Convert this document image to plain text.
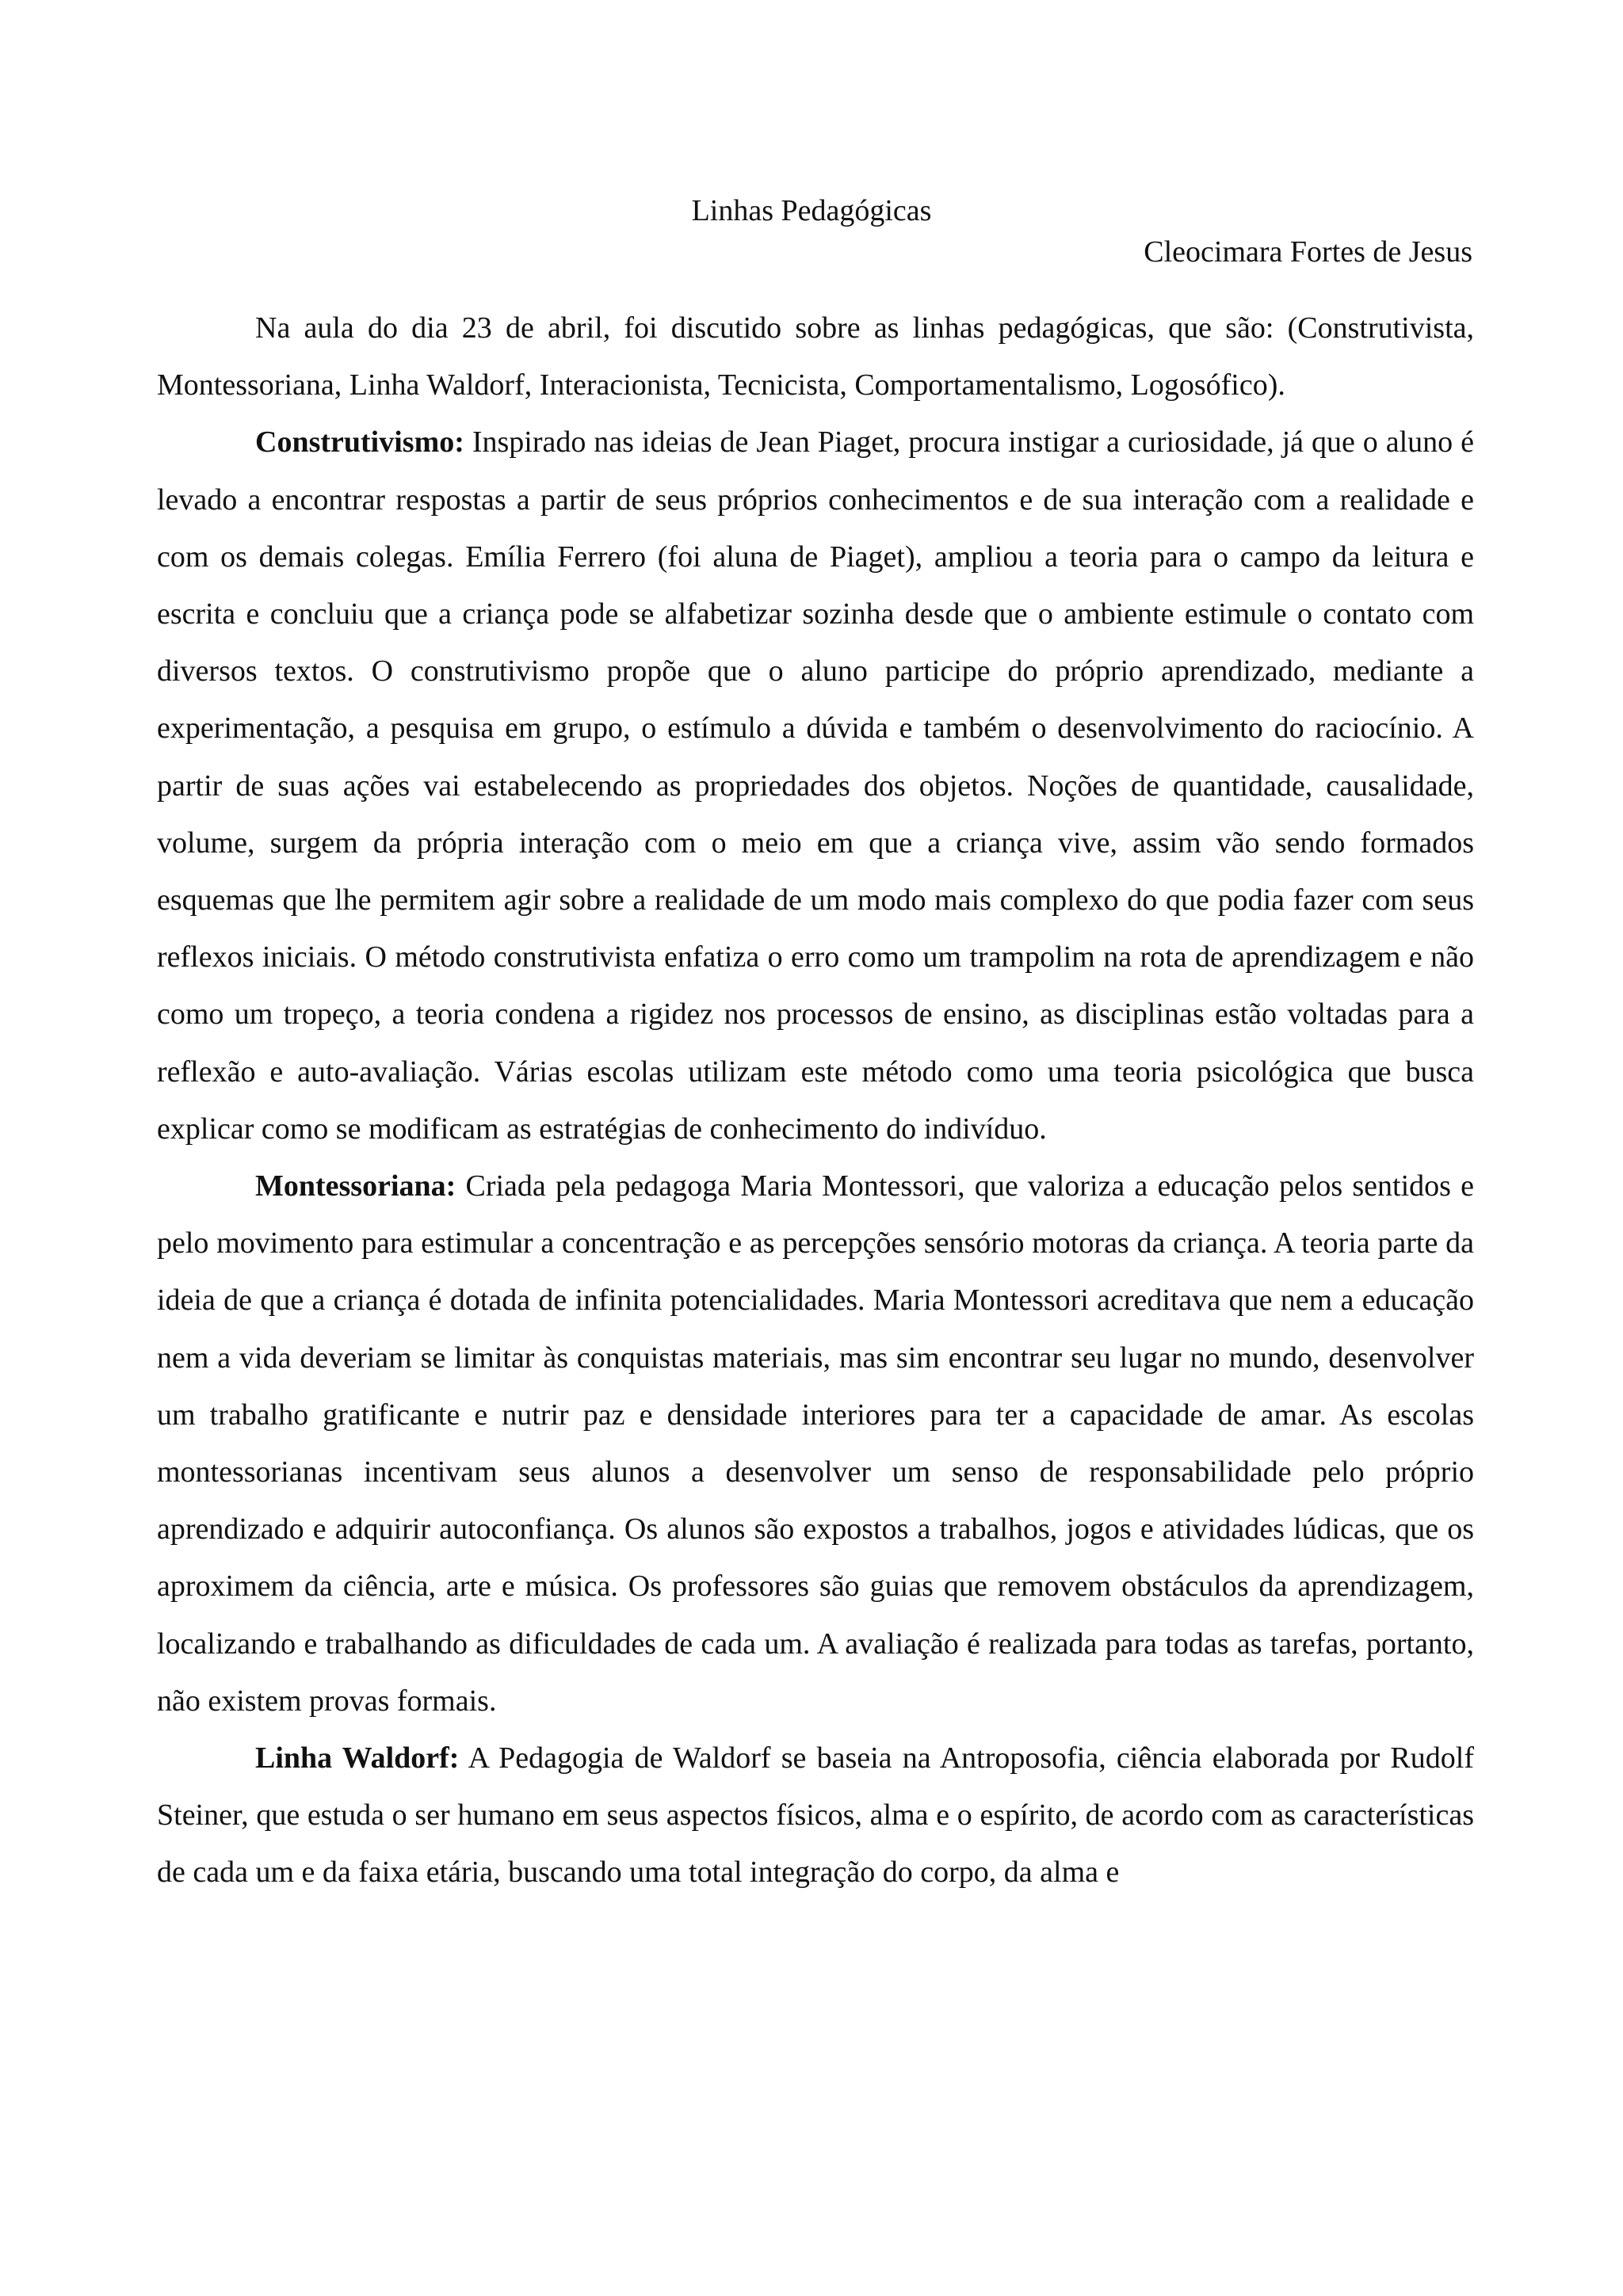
Linhas Pedagógicas
Cleocimara Fortes de Jesus

Na aula do dia 23 de abril, foi discutido sobre as linhas pedagógicas, que são: (Construtivista, Montessoriana, Linha Waldorf, Interacionista, Tecnicista, Comportamentalismo, Logosófico).

Construtivismo: Inspirado nas ideias de Jean Piaget, procura instigar a curiosidade, já que o aluno é levado a encontrar respostas a partir de seus próprios conhecimentos e de sua interação com a realidade e com os demais colegas. Emília Ferrero (foi aluna de Piaget), ampliou a teoria para o campo da leitura e escrita e concluiu que a criança pode se alfabetizar sozinha desde que o ambiente estimule o contato com diversos textos. O construtivismo propõe que o aluno participe do próprio aprendizado, mediante a experimentação, a pesquisa em grupo, o estímulo a dúvida e também o desenvolvimento do raciocínio. A partir de suas ações vai estabelecendo as propriedades dos objetos. Noções de quantidade, causalidade, volume, surgem da própria interação com o meio em que a criança vive, assim vão sendo formados esquemas que lhe permitem agir sobre a realidade de um modo mais complexo do que podia fazer com seus reflexos iniciais. O método construtivista enfatiza o erro como um trampolim na rota de aprendizagem e não como um tropeço, a teoria condena a rigidez nos processos de ensino, as disciplinas estão voltadas para a reflexão e auto-avaliação. Várias escolas utilizam este método como uma teoria psicológica que busca explicar como se modificam as estratégias de conhecimento do indivíduo.

Montessoriana: Criada pela pedagoga Maria Montessori, que valoriza a educação pelos sentidos e pelo movimento para estimular a concentração e as percepções sensório motoras da criança. A teoria parte da ideia de que a criança é dotada de infinita potencialidades. Maria Montessori acreditava que nem a educação nem a vida deveriam se limitar às conquistas materiais, mas sim encontrar seu lugar no mundo, desenvolver um trabalho gratificante e nutrir paz e densidade interiores para ter a capacidade de amar. As escolas montessorianas incentivam seus alunos a desenvolver um senso de responsabilidade pelo próprio aprendizado e adquirir autoconfiança. Os alunos são expostos a trabalhos, jogos e atividades lúdicas, que os aproximem da ciência, arte e música. Os professores são guias que removem obstáculos da aprendizagem, localizando e trabalhando as dificuldades de cada um. A avaliação é realizada para todas as tarefas, portanto, não existem provas formais.

Linha Waldorf: A Pedagogia de Waldorf se baseia na Antroposofia, ciência elaborada por Rudolf Steiner, que estuda o ser humano em seus aspectos físicos, alma e o espírito, de acordo com as características de cada um e da faixa etária, buscando uma total integração do corpo, da alma e
